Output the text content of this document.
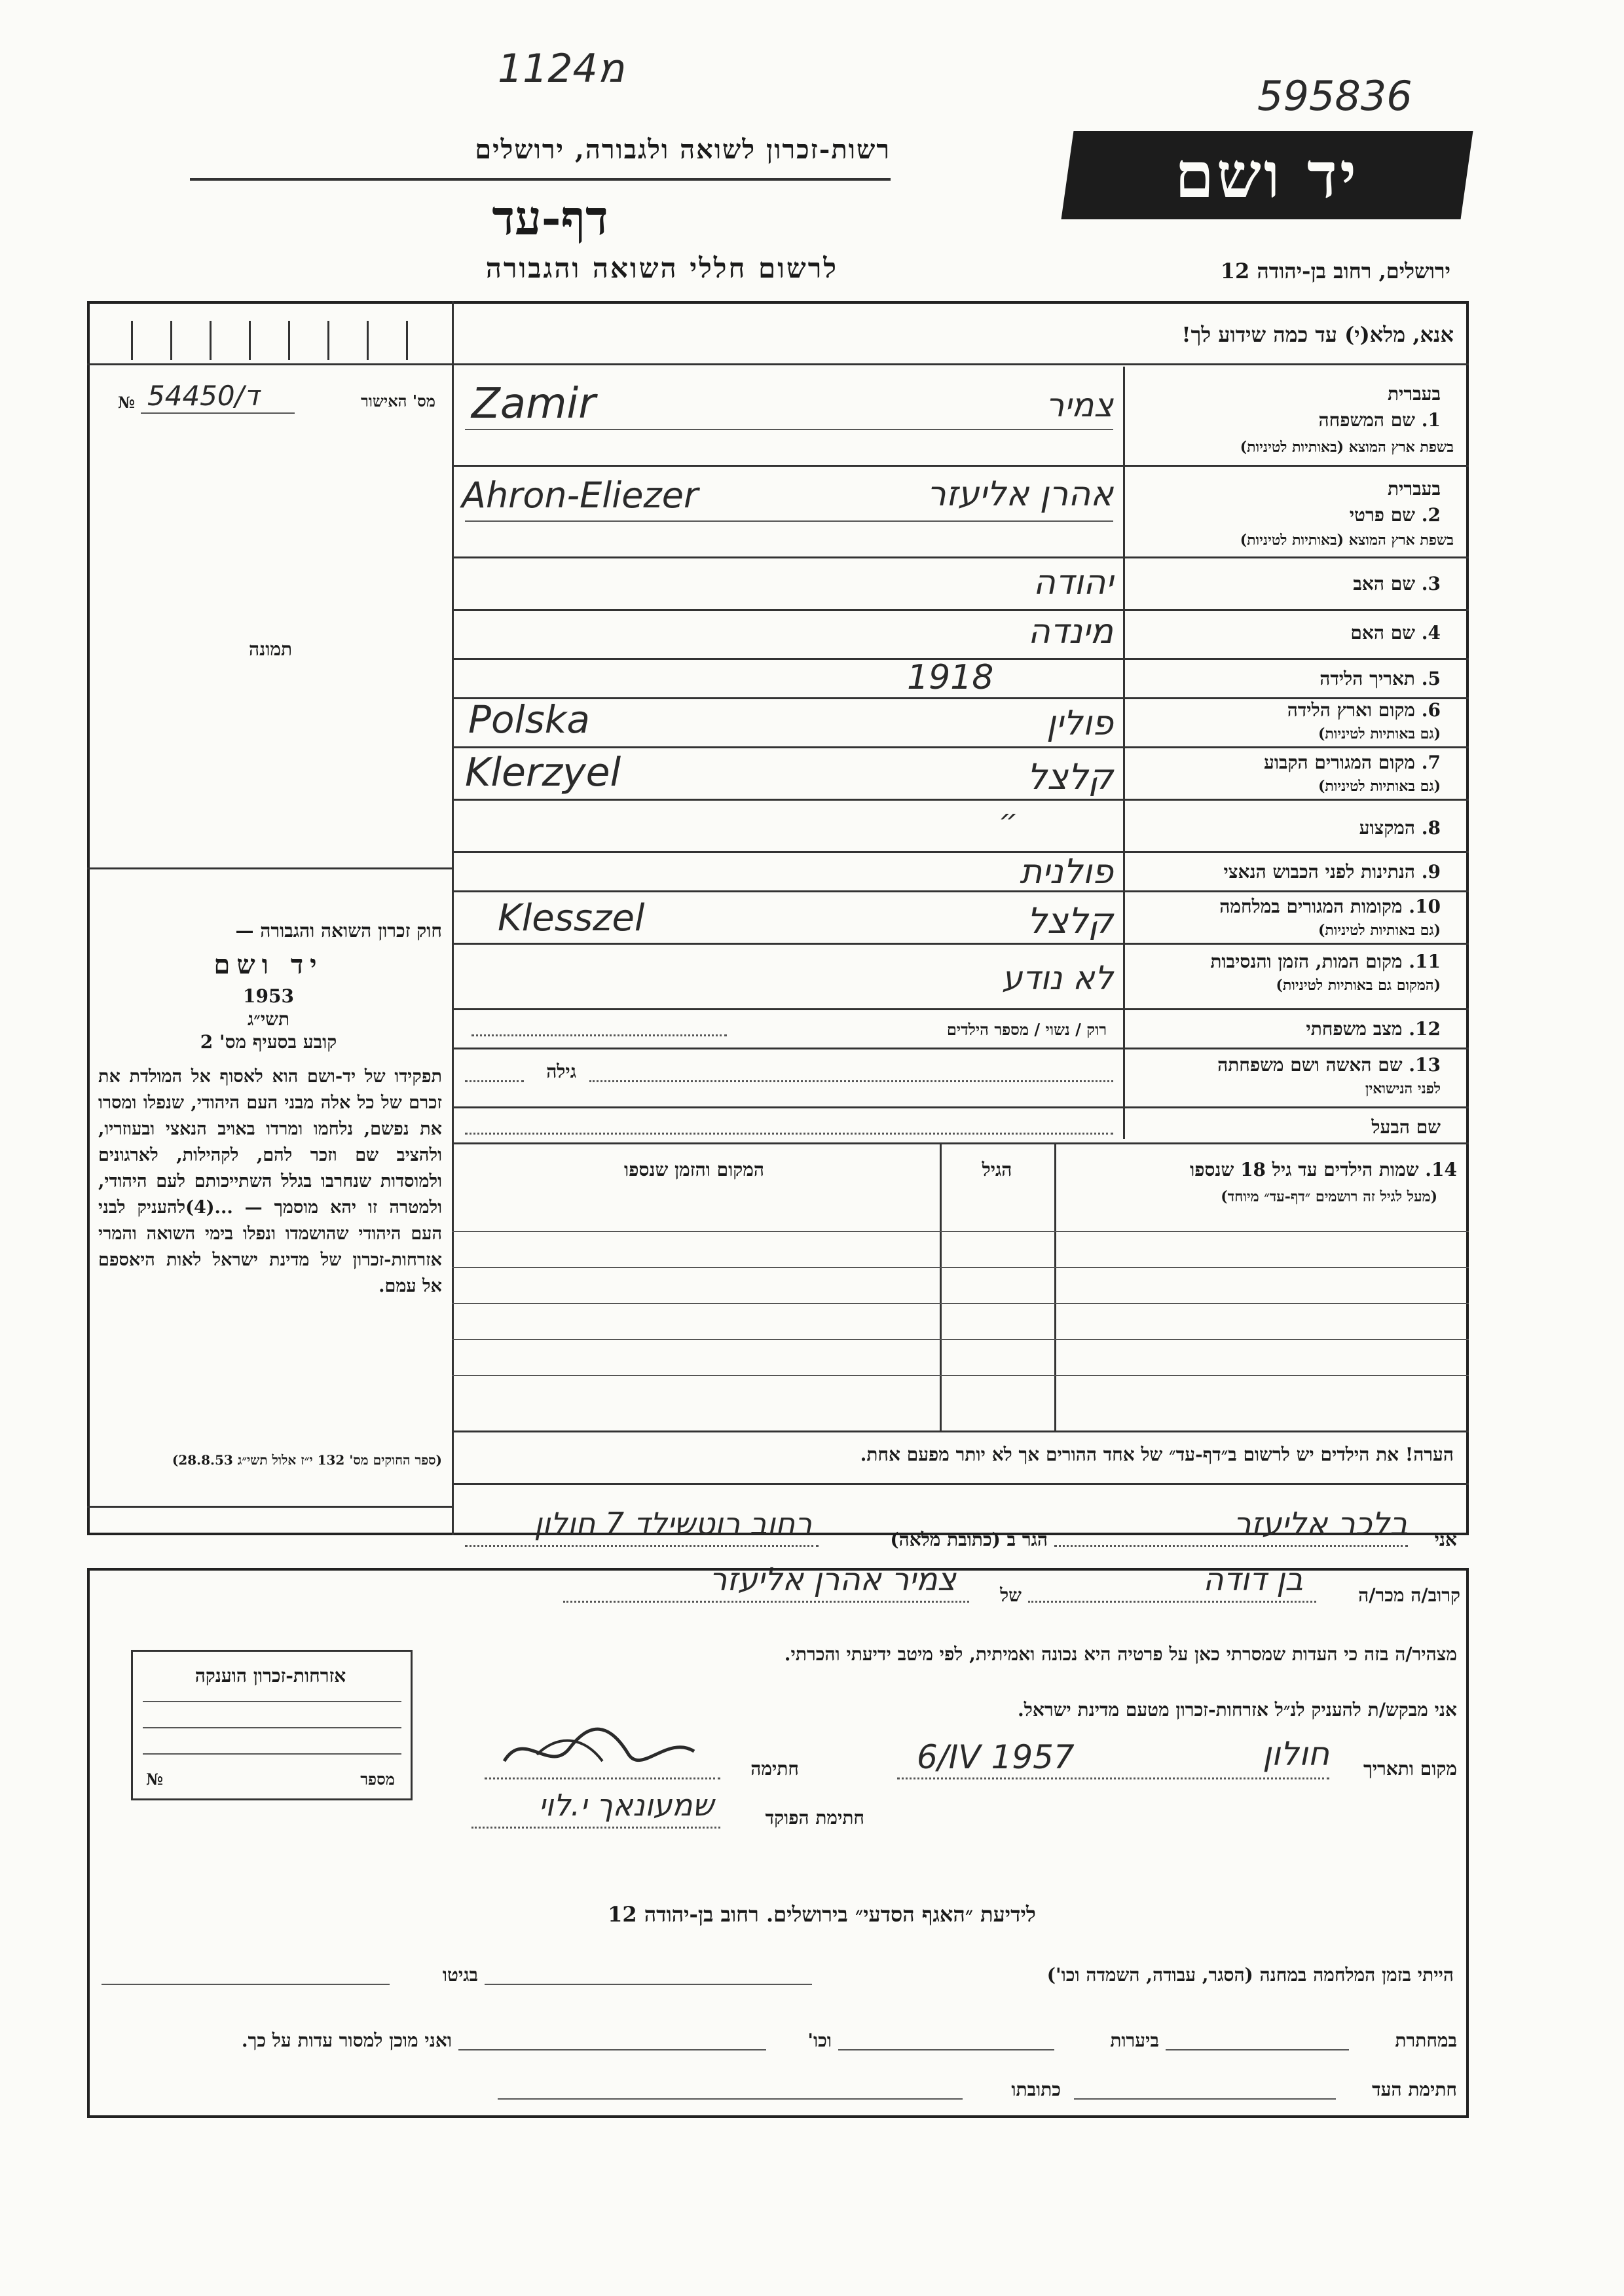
1124מ
595836
רשות-זכרון לשואה ולגבורה, ירושלים
דף-עד
לרשום חללי השואה והגבורה
יד ושם
ירושלים, רחוב בן-יהודה 12
אנא, מלא(י) עד כמה שידוע לך!
№ 54450/ד	מס' האישור
תמונה
חוק זכרון השואה והגבורה —
יד ושם
1953
תשי״ג
קובע בסעיף מס' 2
תפקידו של יד-ושם הוא לאסוף אל המולדת את זכרם של כל אלה מבני העם היהודי, שנפלו ומסרו את נפשם, נלחמו ומרדו באויב הנאצי ובעוזריו, ולהציב שם וזכר להם, לקהילות, לארגונים ולמוסדות שנחרבו בגלל השתייכותם לעם היהודי, ולמטרה זו יהא מוסמך — ...(4)להעניק לבני העם היהודי שהושמדו ונפלו בימי השואה והמרי אזרחות-זכרון של מדינת ישראל לאות היאספם אל עמם.
(ספר החוקים מס' 132 י״ז אלול תשי״ג 28.8.53)
בעברית
1. שם המשפחה
בשפת ארץ המוצא (באותיות לטיניות)
צמיר
Zamir
בעברית
2. שם פרטי
בשפת ארץ המוצא (באותיות לטיניות)
אהרן אליעזר
Ahron-Eliezer
3. שם האב
יהודה
4. שם האם
מינדה
5. תאריך הלידה
1918
6. מקום וארץ הלידה
(גם באותיות לטיניות)
פולין
Polska
7. מקום המגורים הקבוע
(גם באותיות לטיניות)
קלצל
Klerzyel
8. המקצוע
״
9. הנתינות לפני הכבוש הנאצי
פולנית
10. מקומות המגורים במלחמה
(גם באותיות לטיניות)
קלצל
Klesszel
11. מקום המות, הזמן והנסיבות
(המקום גם באותיות לטיניות)
לא נודע
12. מצב משפחתי
רוק / נשוי / מספר הילדים
13. שם האשה ושם משפחתה
לפני הנישואין
גילה
שם הבעל
14. שמות הילדים עד גיל 18 שנספו
(מעל לגיל זה רושמים ״דף-עד״ מיוחד)
הגיל
המקום והזמן שנספו
הערה! את הילדים יש לרשום ב״דף-עד״ של אחד ההורים אך לא יותר מפעם אחת.
אני
בלכר אליעזר
הגר ב (כתובת מלאה)
רחוב רוטשילד 7 חולון
קרוב/ה מכר/ה
בן דודה
של
צמיר אהרן אליעזר
מצהיר/ה בזה כי העדות שמסרתי כאן על פרטיה היא נכונה ואמיתית, לפי מיטב ידיעתי והכרתי.
אני מבקש/ת להעניק לנ״ל אזרחות-זכרון מטעם מדינת ישראל.
מקום ותאריך
חולון
6/IV 1957
חתימה
חתימת הפוקד
שמעונאך י.לוי
אזרחות-זכרון הוענקה
№	מספר
לידיעת ״האגף הסדעי״ בירושלים. רחוב בן-יהודה 12
הייתי בזמן המלחמה במחנה (הסגר, עבודה, השמדה וכו')
בגיטו
במחתרת
ביערות
וכו'
ואני מוכן למסור עדות על כך.
חתימת העד
כתובתו
